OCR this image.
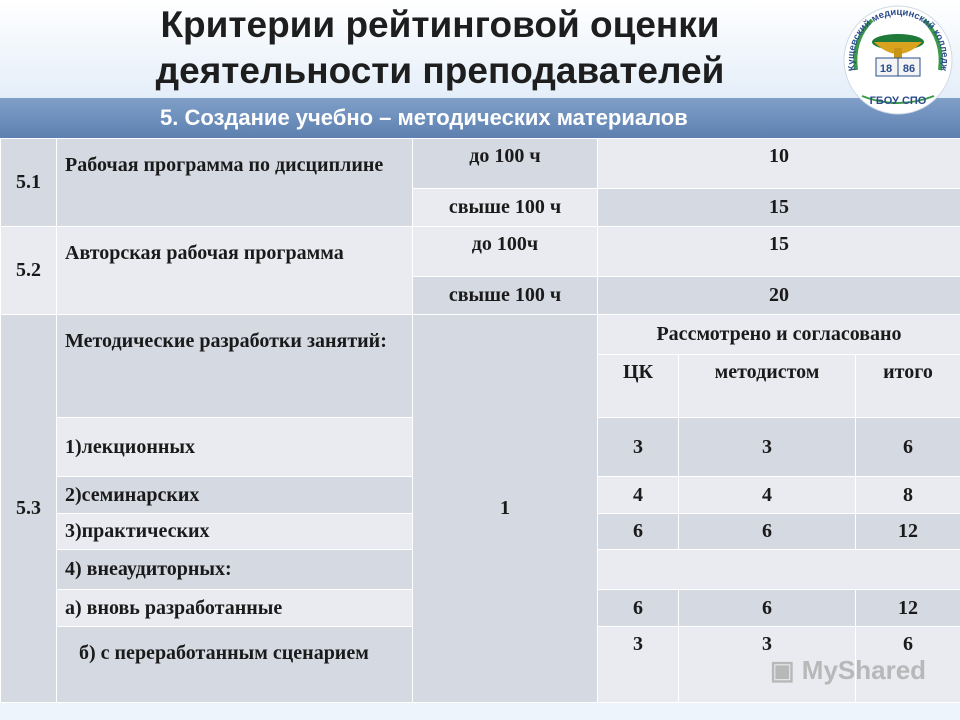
Критерии рейтинговой оценки
деятельности преподавателей
5. Создание учебно – методических материалов
18 86
ГБОУ СПО
Кущевский медицинский колледж
5.1	Рабочая программа по дисциплине	до 100 ч	10		
		свыше 100 ч	15		
5.2	Авторская рабочая программа	до 100ч	15		
		свыше 100 ч	20		
5.3	Методические разработки занятий:	1	Рассмотрено и согласовано		
			ЦК	методистом	итого
	1)лекционных		3	3	6
	2)семинарских		4	4	8
	3)практических		6	6	12
	4) внеаудиторных:				
	а) вновь разработанные		6	6	12
	б) с переработанным сценарием		3	3	6
▣ MyShared
